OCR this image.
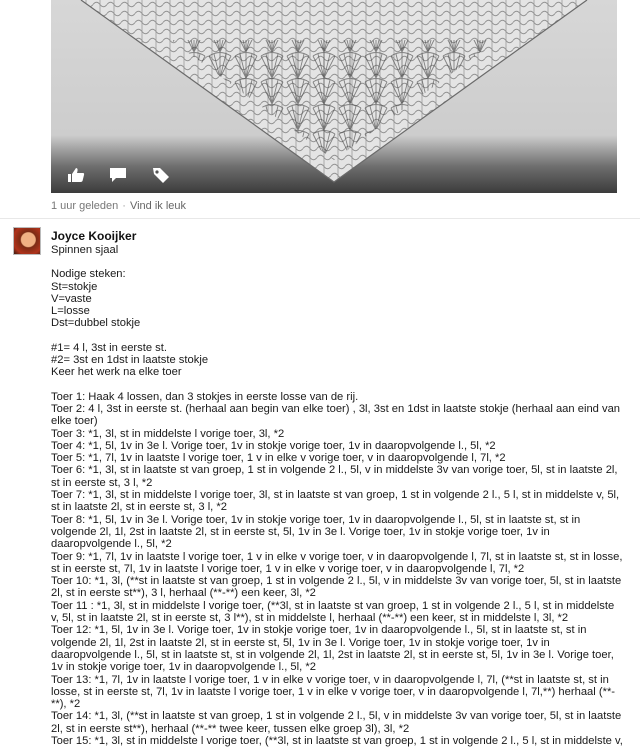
1 uur geleden · Vind ik leuk
Joyce Kooijker

Spinnen sjaal

Nodige steken:

St=stokje

V=vaste

L=losse

Dst=dubbel stokje

#1= 4 l, 3st in eerste st.

#2= 3st en 1dst in laatste stokje

Keer het werk na elke toer

Toer 1: Haak 4 lossen, dan 3 stokjes in eerste losse van de rij.

Toer 2: 4 l, 3st in eerste st. (herhaal aan begin van elke toer) , 3l, 3st en 1dst in laatste stokje (herhaal aan eind van elke toer)

Toer 3: *1, 3l, st in middelste l vorige toer, 3l, *2

Toer 4: *1, 5l, 1v in 3e l. Vorige toer, 1v in stokje vorige toer, 1v in daaropvolgende l., 5l, *2

Toer 5: *1, 7l, 1v in laatste l vorige toer, 1 v in elke v vorige toer, v in daaropvolgende l, 7l, *2

Toer 6: *1, 3l, st in laatste st van groep, 1 st in volgende 2 l., 5l, v in middelste 3v van vorige toer, 5l, st in laatste 2l, st in eerste st, 3 l, *2

Toer 7: *1, 3l, st in middelste l vorige toer, 3l, st in laatste st van groep, 1 st in volgende 2 l., 5 l, st in middelste v, 5l, st in laatste 2l, st in eerste st, 3 l, *2

Toer 8: *1, 5l, 1v in 3e l. Vorige toer, 1v in stokje vorige toer, 1v in daaropvolgende l., 5l, st in laatste st, st in volgende 2l, 1l, 2st in laatste 2l, st in eerste st, 5l, 1v in 3e l. Vorige toer, 1v in stokje vorige toer, 1v in daaropvolgende l., 5l, *2

Toer 9: *1, 7l, 1v in laatste l vorige toer, 1 v in elke v vorige toer, v in daaropvolgende l, 7l, st in laatste st, st in losse, st in eerste st, 7l, 1v in laatste l vorige toer, 1 v in elke v vorige toer, v in daaropvolgende l, 7l, *2

Toer 10: *1, 3l, (**st in laatste st van groep, 1 st in volgende 2 l., 5l, v in middelste 3v van vorige toer, 5l, st in laatste 2l, st in eerste st**), 3 l, herhaal (**-**) een keer, 3l, *2

Toer 11 : *1, 3l, st in middelste l vorige toer, (**3l, st in laatste st van groep, 1 st in volgende 2 l., 5 l, st in middelste v, 5l, st in laatste 2l, st in eerste st, 3 l**), st in middelste l, herhaal (**-**) een keer, st in middelste l, 3l, *2

Toer 12: *1, 5l, 1v in 3e l. Vorige toer, 1v in stokje vorige toer, 1v in daaropvolgende l., 5l, st in laatste st, st in volgende 2l, 1l, 2st in laatste 2l, st in eerste st, 5l, 1v in 3e l. Vorige toer, 1v in stokje vorige toer, 1v in daaropvolgende l., 5l, st in laatste st, st in volgende 2l, 1l, 2st in laatste 2l, st in eerste st, 5l, 1v in 3e l. Vorige toer, 1v in stokje vorige toer, 1v in daaropvolgende l., 5l, *2

Toer 13: *1, 7l, 1v in laatste l vorige toer, 1 v in elke v vorige toer, v in daaropvolgende l, 7l, (**st in laatste st, st in losse, st in eerste st, 7l, 1v in laatste l vorige toer, 1 v in elke v vorige toer, v in daaropvolgende l, 7l,**) herhaal (**-**), *2

Toer 14: *1, 3l, (**st in laatste st van groep, 1 st in volgende 2 l., 5l, v in middelste 3v van vorige toer, 5l, st in laatste 2l, st in eerste st**), herhaal (**-** twee keer, tussen elke groep 3l), 3l, *2

Toer 15: *1, 3l, st in middelste l vorige toer, (**3l, st in laatste st van groep, 1 st in volgende 2 l., 5 l, st in middelste v,
